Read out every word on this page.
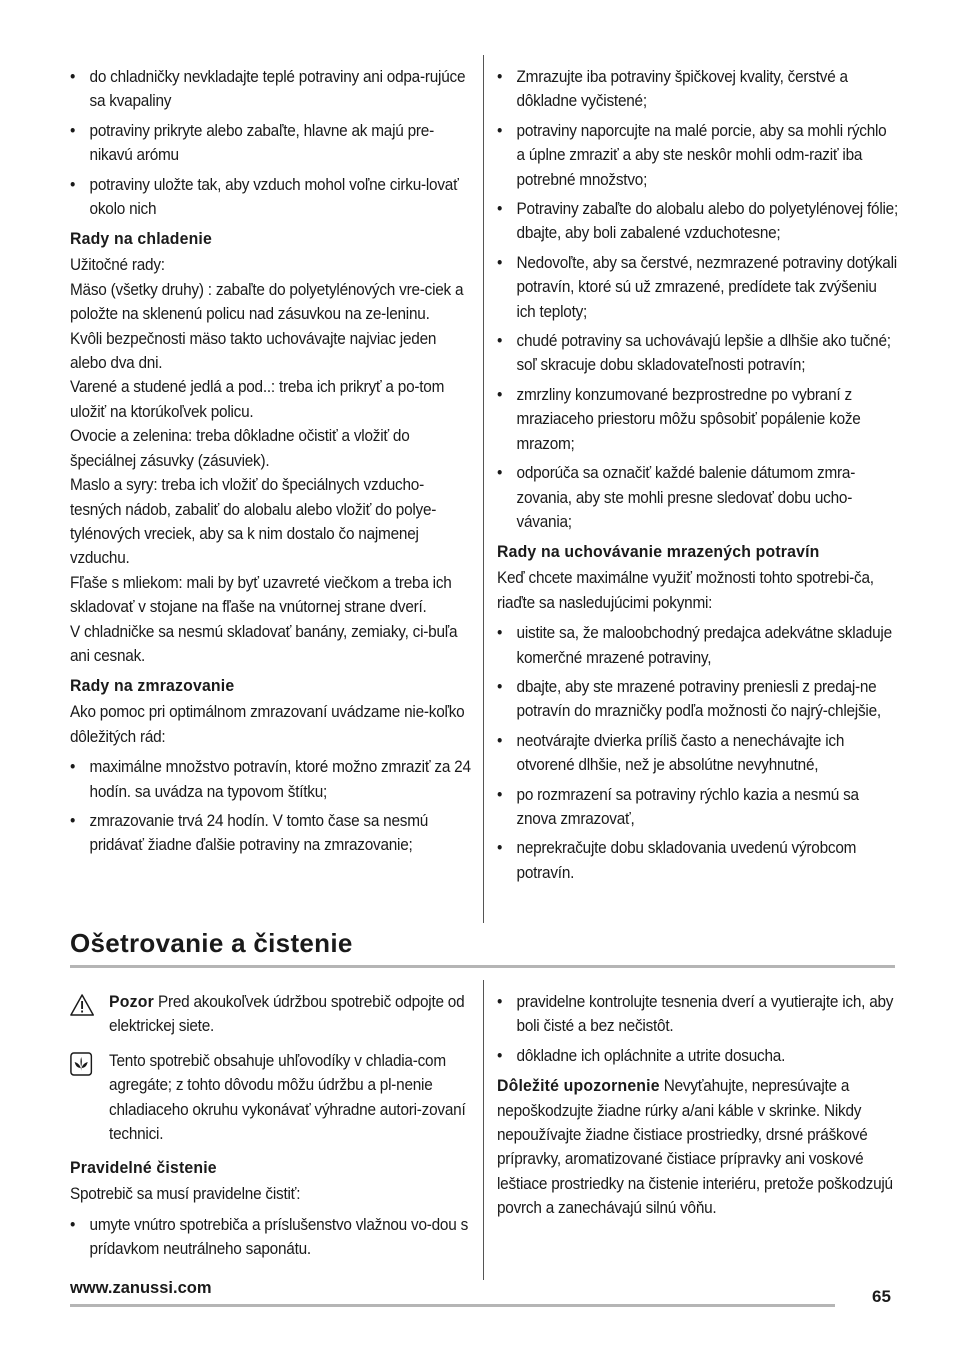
• do chladničky nevkladajte teplé potraviny ani odpa-rujúce sa kvapaliny
• potraviny prikryte alebo zabaľte, hlavne ak majú pre-nikavú arómu
• potraviny uložte tak, aby vzduch mohol voľne cirku-lovať okolo nich
Rady na chladenie

Užitočné rady:

Mäso (všetky druhy) : zabaľte do polyetylénových vre-ciek a položte na sklenenú policu nad zásuvkou na ze-leninu.

Kvôli bezpečnosti mäso takto uchovávajte najviac jeden alebo dva dni.

Varené a studené jedlá a pod..: treba ich prikryť a po-tom uložiť na ktorúkoľvek policu.

Ovocie a zelenina: treba dôkladne očistiť a vložiť do špeciálnej zásuvky (zásuviek).

Maslo a syry: treba ich vložiť do špeciálnych vzducho-tesných nádob, zabaliť do alobalu alebo vložiť do polye-tylénových vreciek, aby sa k nim dostalo čo najmenej vzduchu.

Fľaše s mliekom: mali by byť uzavreté viečkom a treba ich skladovať v stojane na fľaše na vnútornej strane dverí.

V chladničke sa nesmú skladovať banány, zemiaky, ci-buľa ani cesnak.

Rady na zmrazovanie

Ako pomoc pri optimálnom zmrazovaní uvádzame nie-koľko dôležitých rád:

• maximálne množstvo potravín, ktoré možno zmraziť za 24 hodín. sa uvádza na typovom štítku;
• zmrazovanie trvá 24 hodín. V tomto čase sa nesmú pridávať žiadne ďalšie potraviny na zmrazovanie;
• Zmrazujte iba potraviny špičkovej kvality, čerstvé a dôkladne vyčistené;
• potraviny naporcujte na malé porcie, aby sa mohli rýchlo a úplne zmraziť a aby ste neskôr mohli odm-raziť iba potrebné množstvo;
• Potraviny zabaľte do alobalu alebo do polyetylénovej fólie; dbajte, aby boli zabalené vzduchotesne;
• Nedovoľte, aby sa čerstvé, nezmrazené potraviny dotýkali potravín, ktoré sú už zmrazené, predídete tak zvýšeniu ich teploty;
• chudé potraviny sa uchovávajú lepšie a dlhšie ako tučné; soľ skracuje dobu skladovateľnosti potravín;
• zmrzliny konzumované bezprostredne po vybraní z mraziaceho priestoru môžu spôsobiť popálenie kože mrazom;
• odporúča sa označiť každé balenie dátumom zmra-zovania, aby ste mohli presne sledovať dobu ucho-vávania;
Rady na uchovávanie mrazených potravín

Keď chcete maximálne využiť možnosti tohto spotrebi-ča, riaďte sa nasledujúcimi pokynmi:

• uistite sa, že maloobchodný predajca adekvátne skladuje komerčné mrazené potraviny,
• dbajte, aby ste mrazené potraviny preniesli z predaj-ne potravín do mrazničky podľa možnosti čo najrý-chlejšie,
• neotvárajte dvierka príliš často a nenechávajte ich otvorené dlhšie, než je absolútne nevyhnutné,
• po rozmrazení sa potraviny rýchlo kazia a nesmú sa znova zmrazovať,
• neprekračujte dobu skladovania uvedenú výrobcom potravín.
Ošetrovanie a čistenie

Pozor Pred akoukoľvek údržbou spotrebič odpojte od elektrickej siete.

Tento spotrebič obsahuje uhľovodíky v chladia-com agregáte; z tohto dôvodu môžu údržbu a pl-nenie chladiaceho okruhu vykonávať výhradne autori-zovaní technici.

Pravidelné čistenie

Spotrebič sa musí pravidelne čistiť:

• umyte vnútro spotrebiča a príslušenstvo vlažnou vo-dou s prídavkom neutrálneho saponátu.
• pravidelne kontrolujte tesnenia dverí a vyutierajte ich, aby boli čisté a bez nečistôt.
• dôkladne ich opláchnite a utrite dosucha.

Dôležité upozornenie Nevyťahujte, nepresúvajte a nepoškodzujte žiadne rúrky a/ani káble v skrinke. Nikdy nepoužívajte žiadne čistiace prostriedky, drsné práškové prípravky, aromatizované čistiace prípravky ani voskové leštiace prostriedky na čistenie interiéru, pretože poškodzujú povrch a zanechávajú silnú vôňu.

www.zanussi.com	65
